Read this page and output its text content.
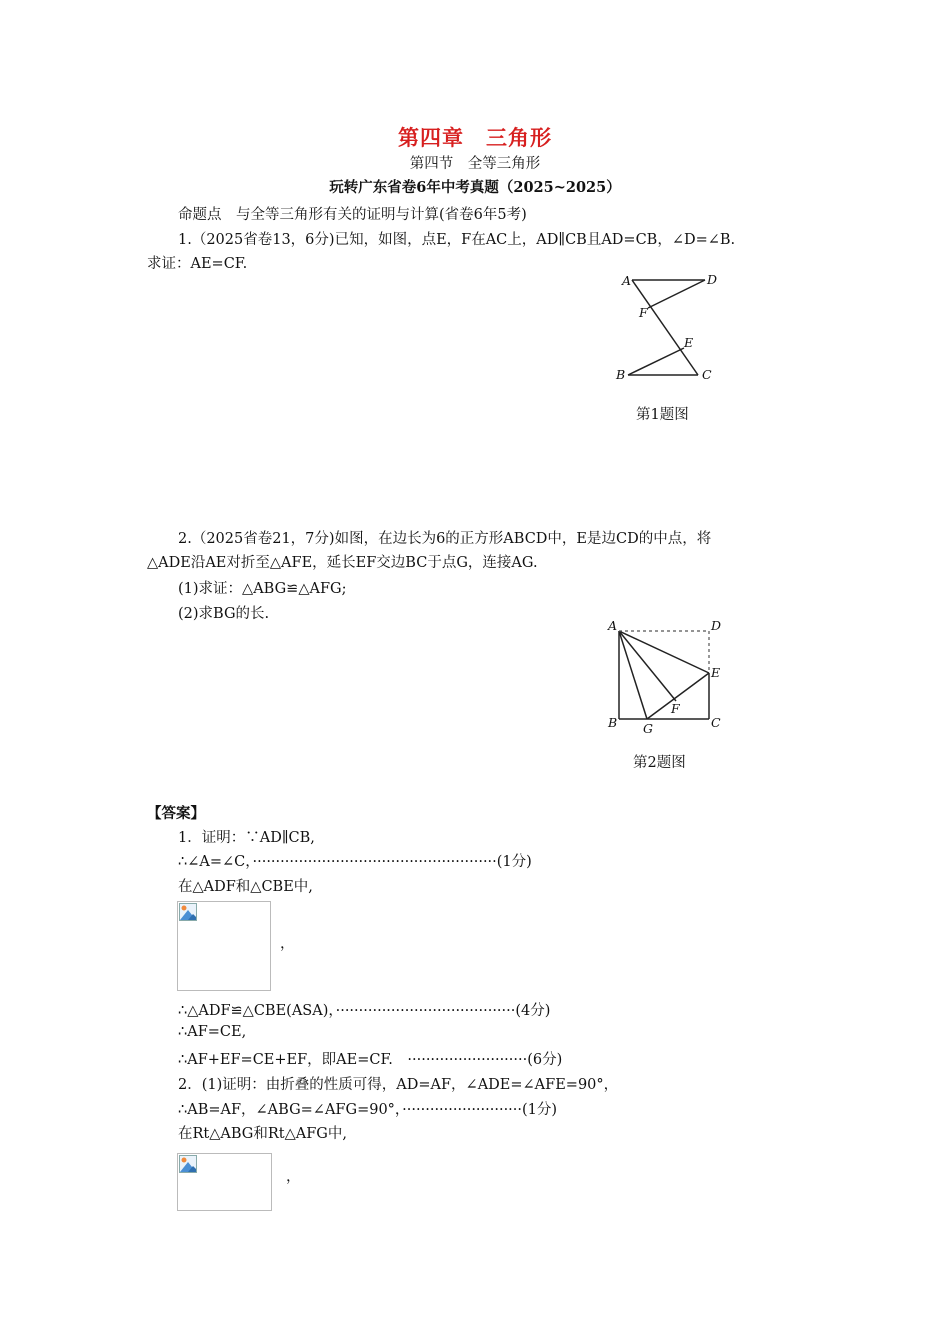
第四章　三角形
第四节　全等三角形
玩转广东省卷6年中考真题（2025~2025）
命题点　与全等三角形有关的证明与计算(省卷6年5考)
1.（2025省卷13，6分)已知，如图，点E，F在AC上，AD∥CB且AD=CB，∠D=∠B.
求证：AE=CF.
A	D
F
E
B	C
第1题图
2.（2025省卷21，7分)如图，在边长为6的正方形ABCD中，E是边CD的中点，将
△ADE沿AE对折至△AFE，延长EF交边BC于点G，连接AG.
(1)求证：△ABG≌△AFG;
(2)求BG的长.
A	D
E
F
B G	C
第2题图
【答案】
1．证明：∵AD∥CB,
∴∠A=∠C，·····················································(1分)
在△ADF和△CBE中,
，
∴△ADF≌△CBE(ASA)，·······································(4分)
∴AF=CE,
∴AF+EF=CE+EF，即AE=CF.　··························(6分)
2．(1)证明：由折叠的性质可得，AD=AF，∠ADE=∠AFE=90°，
∴AB=AF，∠ABG=∠AFG=90°，··························(1分)
在Rt△ABG和Rt△AFG中,
，
